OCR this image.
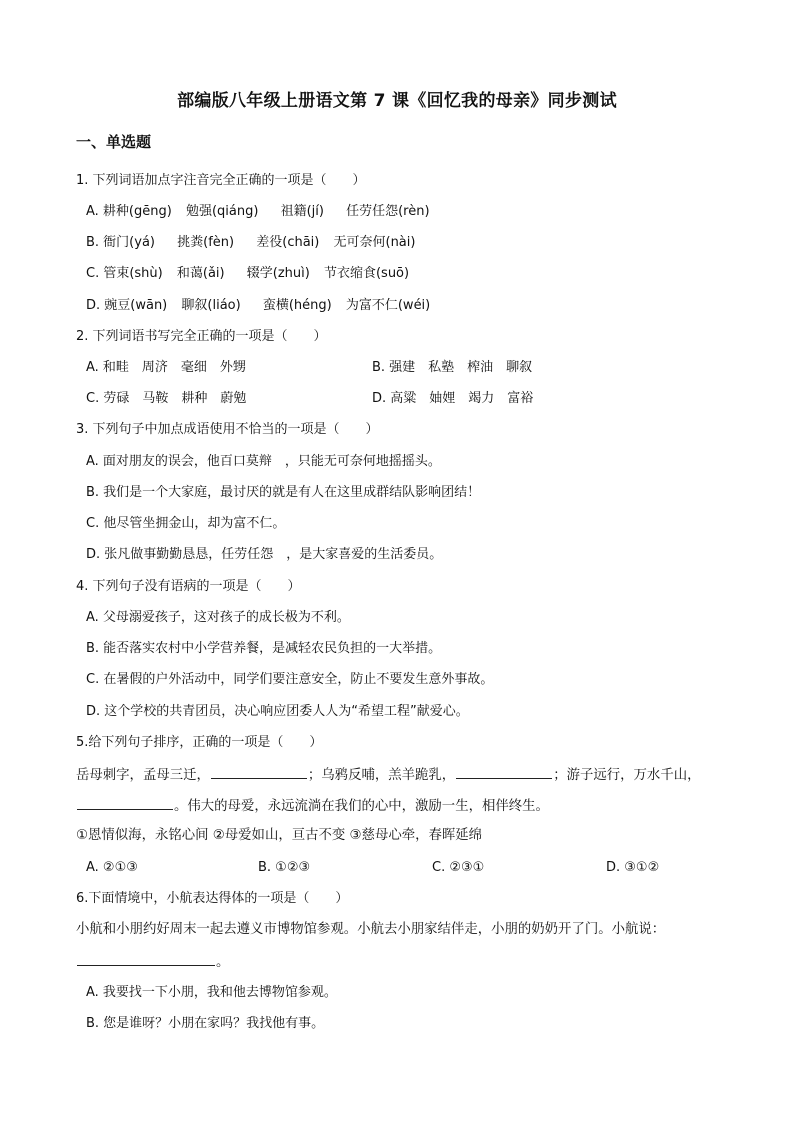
部编版八年级上册语文第 7 课《回忆我的母亲》同步测试
一、单选题
1. 下列词语加点字注音完全正确的一项是（　　）
A. 耕种(gēng) 勉强(qiáng) 祖籍(jí) 任劳任怨(rèn)
B. 衙门(yá) 挑粪(fèn) 差役(chāi) 无可奈何(nài)
C. 管束(shù) 和蔼(ǎi) 辍学(zhuì) 节衣缩食(suō)
D. 豌豆(wān) 聊叙(liáo) 蛮横(héng) 为富不仁(wéi)
2. 下列词语书写完全正确的一项是（　　）
A. 和畦　周济　毫细　外甥	B. 强建　私塾　榨油　聊叙
C. 劳碌　马鞍　耕种　蔚勉	D. 高粱　妯娌　竭力　富裕
3. 下列句子中加点成语使用不恰当的一项是（　　）
A. 面对朋友的误会，他百口莫辩　，只能无可奈何地摇摇头。
B. 我们是一个大家庭，最讨厌的就是有人在这里成群结队影响团结！
C. 他尽管坐拥金山，却为富不仁。
D. 张凡做事勤勤恳恳，任劳任怨　，是大家喜爱的生活委员。
4. 下列句子没有语病的一项是（　　）
A. 父母溺爱孩子，这对孩子的成长极为不利。
B. 能否落实农村中小学营养餐，是减轻农民负担的一大举措。
C. 在暑假的户外活动中，同学们要注意安全，防止不要发生意外事故。
D. 这个学校的共青团员，决心响应团委人人为“希望工程”献爱心。
5.给下列句子排序，正确的一项是（　　）
岳母刺字，孟母三迁，	；乌鸦反哺，羔羊跪乳，	；游子远行，万水千山，
。伟大的母爱，永远流淌在我们的心中，激励一生，相伴终生。
①恩情似海，永铭心间 ②母爱如山，亘古不变 ③慈母心牵，春晖延绵
A. ②①③	B. ①②③	C. ②③①	D. ③①②
6.下面情境中，小航表达得体的一项是（　　）
小航和小朋约好周末一起去遵义市博物馆参观。小航去小朋家结伴走，小朋的奶奶开了门。小航说：
。
A. 我要找一下小朋，我和他去博物馆参观。
B. 您是谁呀？小朋在家吗？我找他有事。
